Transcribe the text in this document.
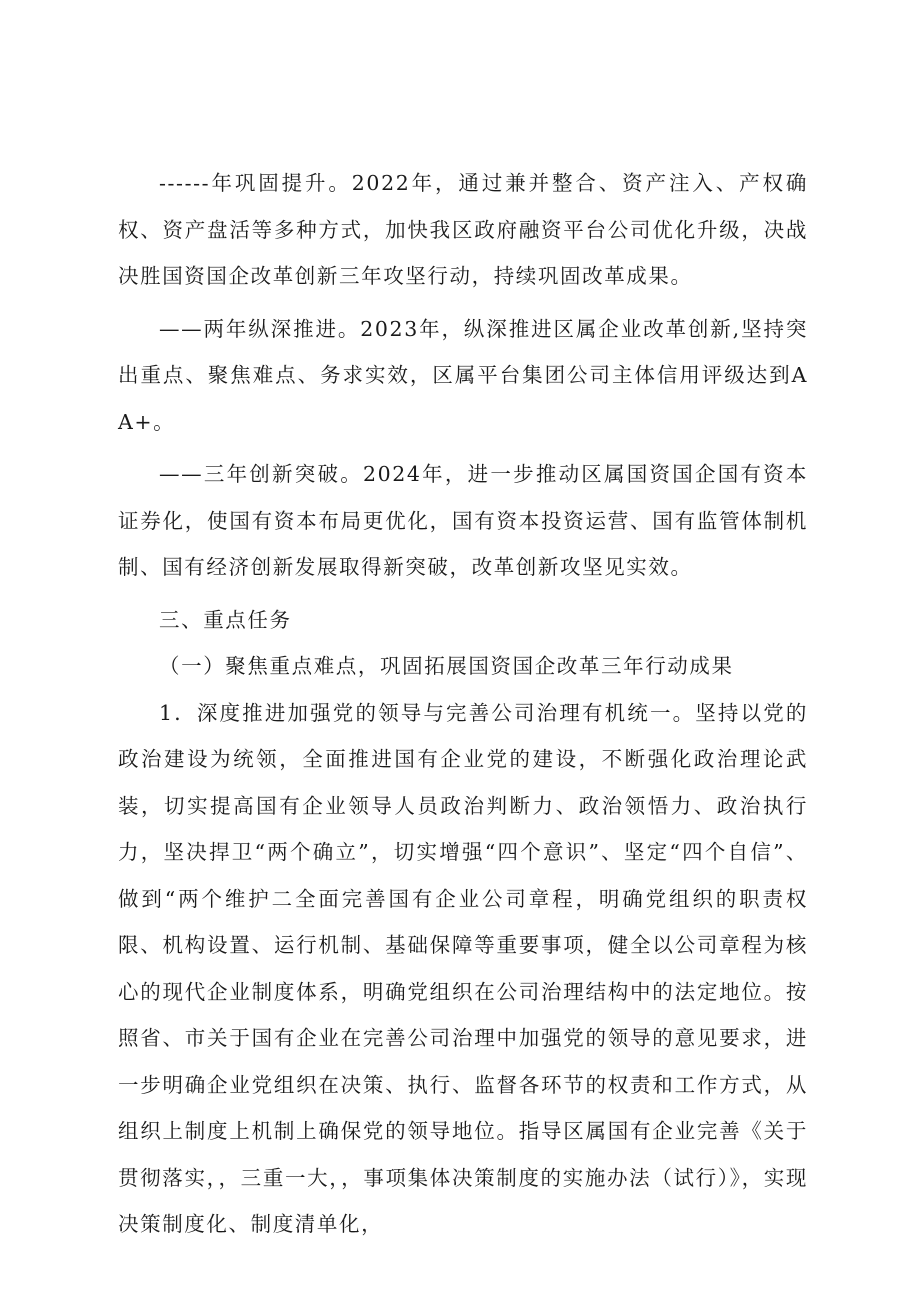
------年巩固提升。2022年，通过兼并整合、资产注入、产权确权、资产盘活等多种方式，加快我区政府融资平台公司优化升级，决战决胜国资国企改革创新三年攻坚行动，持续巩固改革成果。

——两年纵深推进。2023年，纵深推进区属企业改革创新,坚持突出重点、聚焦难点、务求实效，区属平台集团公司主体信用评级达到AA+。

——三年创新突破。2024年，进一步推动区属国资国企国有资本证券化，使国有资本布局更优化，国有资本投资运营、国有监管体制机制、国有经济创新发展取得新突破，改革创新攻坚见实效。

三、重点任务

（一）聚焦重点难点，巩固拓展国资国企改革三年行动成果

1．深度推进加强党的领导与完善公司治理有机统一。坚持以党的政治建设为统领，全面推进国有企业党的建设，不断强化政治理论武装，切实提高国有企业领导人员政治判断力、政治领悟力、政治执行力，坚决捍卫“两个确立”，切实增强“四个意识”、坚定“四个自信”、做到“两个维护二全面完善国有企业公司章程，明确党组织的职责权限、机构设置、运行机制、基础保障等重要事项，健全以公司章程为核心的现代企业制度体系，明确党组织在公司治理结构中的法定地位。按照省、市关于国有企业在完善公司治理中加强党的领导的意见要求，进一步明确企业党组织在决策、执行、监督各环节的权责和工作方式，从组织上制度上机制上确保党的领导地位。指导区属国有企业完善《关于贯彻落实，，三重一大，，事项集体决策制度的实施办法（试行）》，实现决策制度化、制度清单化，
